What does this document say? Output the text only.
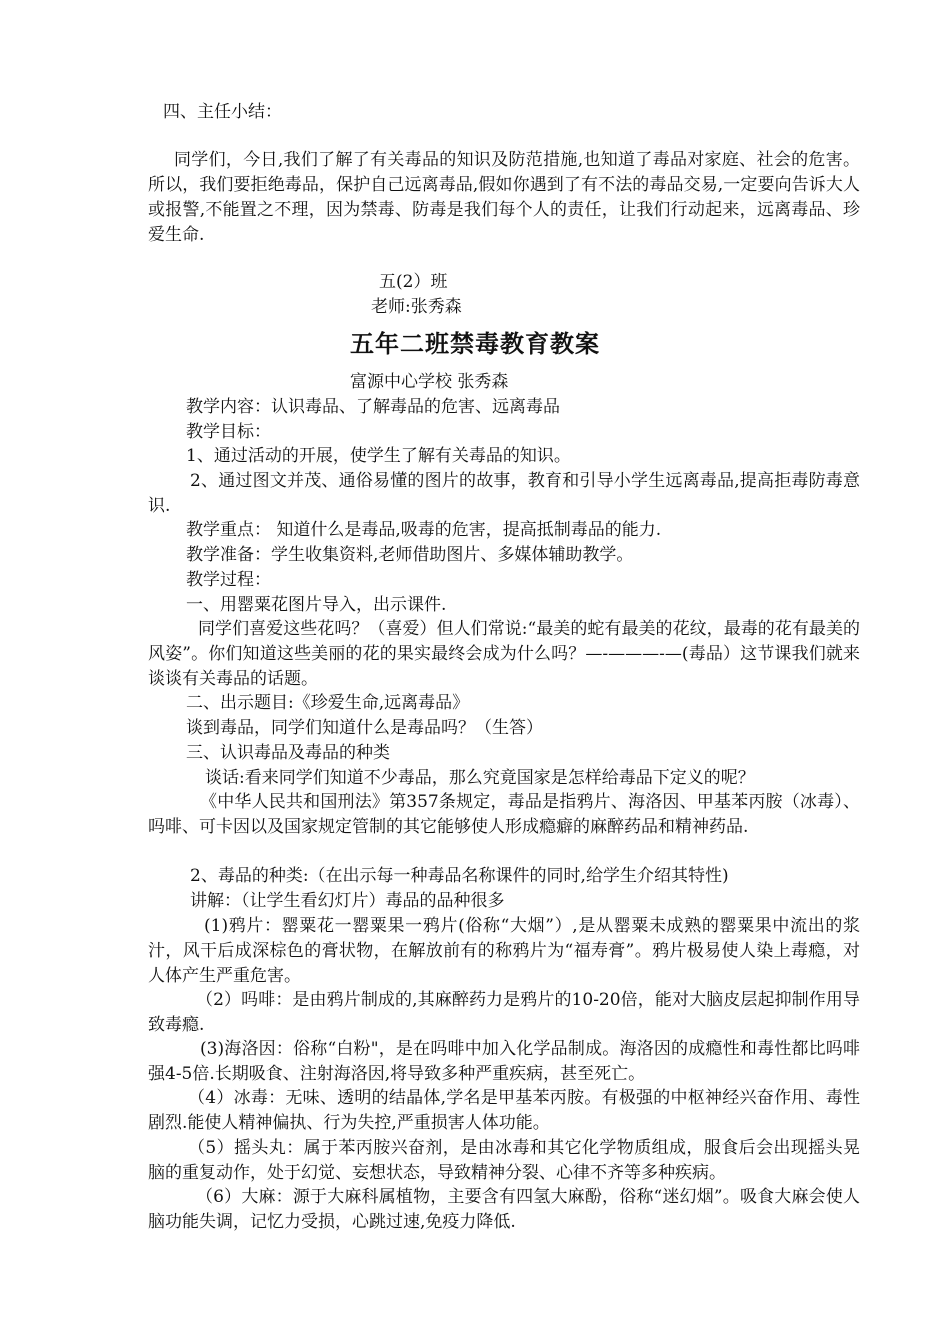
四、主任小结：
同学们，今日,我们了解了有关毒品的知识及防范措施,也知道了毒品对家庭、社会的危害。所以，我们要拒绝毒品，保护自己远离毒品,假如你遇到了有不法的毒品交易,一定要向告诉大人或报警,不能置之不理，因为禁毒、防毒是我们每个人的责任，让我们行动起来，远离毒品、珍爱生命.
五(2）班
老师:张秀森
五年二班禁毒教育教案
富源中心学校 张秀森
教学内容：认识毒品、了解毒品的危害、远离毒品
教学目标：
1、通过活动的开展，使学生了解有关毒品的知识。
2、通过图文并茂、通俗易懂的图片的故事，教育和引导小学生远离毒品,提高拒毒防毒意识.
教学重点： 知道什么是毒品,吸毒的危害，提高抵制毒品的能力.
教学准备：学生收集资料,老师借助图片、多媒体辅助教学。
教学过程：
一、用罂粟花图片导入，出示课件.
同学们喜爱这些花吗？（喜爱）但人们常说:“最美的蛇有最美的花纹，最毒的花有最美的风姿”。你们知道这些美丽的花的果实最终会成为什么吗？—-———-—(毒品）这节课我们就来谈谈有关毒品的话题。
二、出示题目:《珍爱生命,远离毒品》
谈到毒品，同学们知道什么是毒品吗？（生答）
三、认识毒品及毒品的种类
谈话:看来同学们知道不少毒品，那么究竟国家是怎样给毒品下定义的呢？
《中华人民共和国刑法》第357条规定，毒品是指鸦片、海洛因、甲基苯丙胺（冰毒）、吗啡、可卡因以及国家规定管制的其它能够使人形成瘾癖的麻醉药品和精神药品.
2、毒品的种类:（在出示每一种毒品名称课件的同时,给学生介绍其特性)
讲解：（让学生看幻灯片）毒品的品种很多
(1)鸦片：罂粟花一罂粟果一鸦片(俗称“大烟”）,是从罂粟未成熟的罂粟果中流出的浆汁，风干后成深棕色的膏状物，在解放前有的称鸦片为“福寿膏”。鸦片极易使人染上毒瘾，对人体产生严重危害。
（2）吗啡：是由鸦片制成的,其麻醉药力是鸦片的10-20倍，能对大脑皮层起抑制作用导致毒瘾.
(3)海洛因：俗称“白粉"，是在吗啡中加入化学品制成。海洛因的成瘾性和毒性都比吗啡强4-5倍.长期吸食、注射海洛因,将导致多种严重疾病，甚至死亡。
（4）冰毒：无味、透明的结晶体,学名是甲基苯丙胺。有极强的中枢神经兴奋作用、毒性剧烈.能使人精神偏执、行为失控,严重损害人体功能。
（5）摇头丸：属于苯丙胺兴奋剂，是由冰毒和其它化学物质组成，服食后会出现摇头晃脑的重复动作，处于幻觉、妄想状态，导致精神分裂、心律不齐等多种疾病。
（6）大麻：源于大麻科属植物，主要含有四氢大麻酚，俗称“迷幻烟”。吸食大麻会使人脑功能失调，记忆力受损，心跳过速,免疫力降低.
